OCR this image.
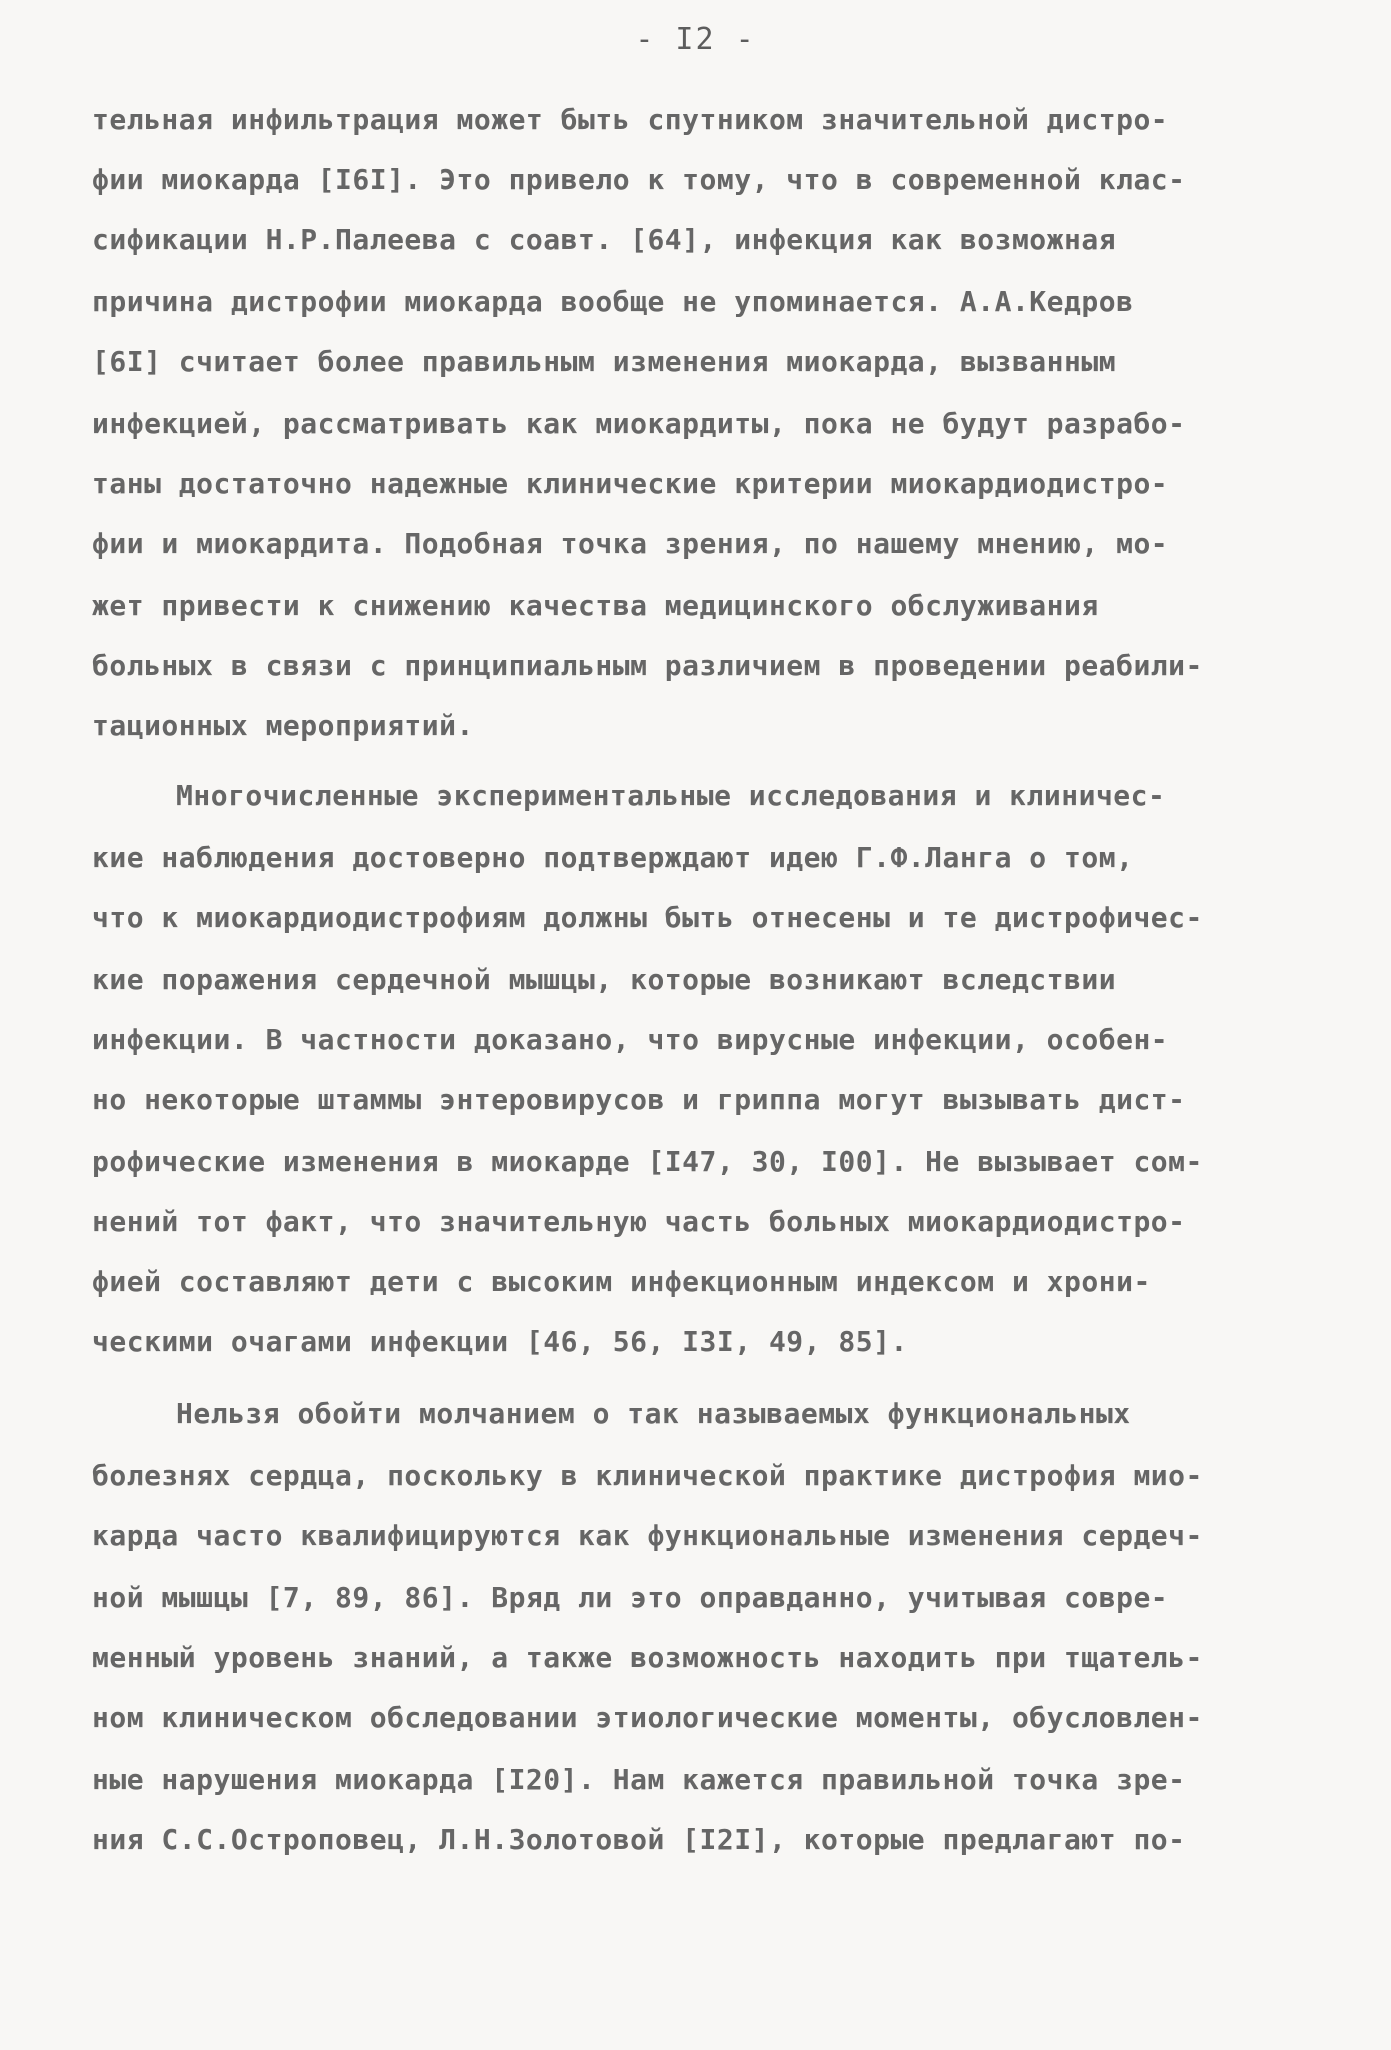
- I2 -
тельная инфильтрация может быть спутником значительной дистро-
фии миокарда [I6I]. Это привело к тому, что в современной клас-
сификации Н.Р.Палеева с соавт. [64], инфекция как возможная
причина дистрофии миокарда вообще не упоминается. А.А.Кедров
[6I] считает более правильным изменения миокарда, вызванным
инфекцией, рассматривать как миокардиты, пока не будут разрабо-
таны достаточно надежные клинические критерии миокардиодистро-
фии и миокардита. Подобная точка зрения, по нашему мнению, мо-
жет привести к снижению качества медицинского обслуживания
больных в связи с принципиальным различием в проведении реабили-
тационных мероприятий.
Многочисленные экспериментальные исследования и клиничес-
кие наблюдения достоверно подтверждают идею Г.Ф.Ланга о том,
что к миокардиодистрофиям должны быть отнесены и те дистрофичес-
кие поражения сердечной мышцы, которые возникают вследствии
инфекции. В частности доказано, что вирусные инфекции, особен-
но некоторые штаммы энтеровирусов и гриппа могут вызывать дист-
рофические изменения в миокарде [I47, 30, I00]. Не вызывает сом-
нений тот факт, что значительную часть больных миокардиодистро-
фией составляют дети с высоким инфекционным индексом и хрони-
ческими очагами инфекции [46, 56, I3I, 49, 85].
Нельзя обойти молчанием о так называемых функциональных
болезнях сердца, поскольку в клинической практике дистрофия мио-
карда часто квалифицируются как функциональные изменения сердеч-
ной мышцы [7, 89, 86]. Вряд ли это оправданно, учитывая совре-
менный уровень знаний, а также возможность находить при тщатель-
ном клиническом обследовании этиологические моменты, обусловлен-
ные нарушения миокарда [I20]. Нам кажется правильной точка зре-
ния С.С.Остроповец, Л.Н.Золотовой [I2I], которые предлагают по-
